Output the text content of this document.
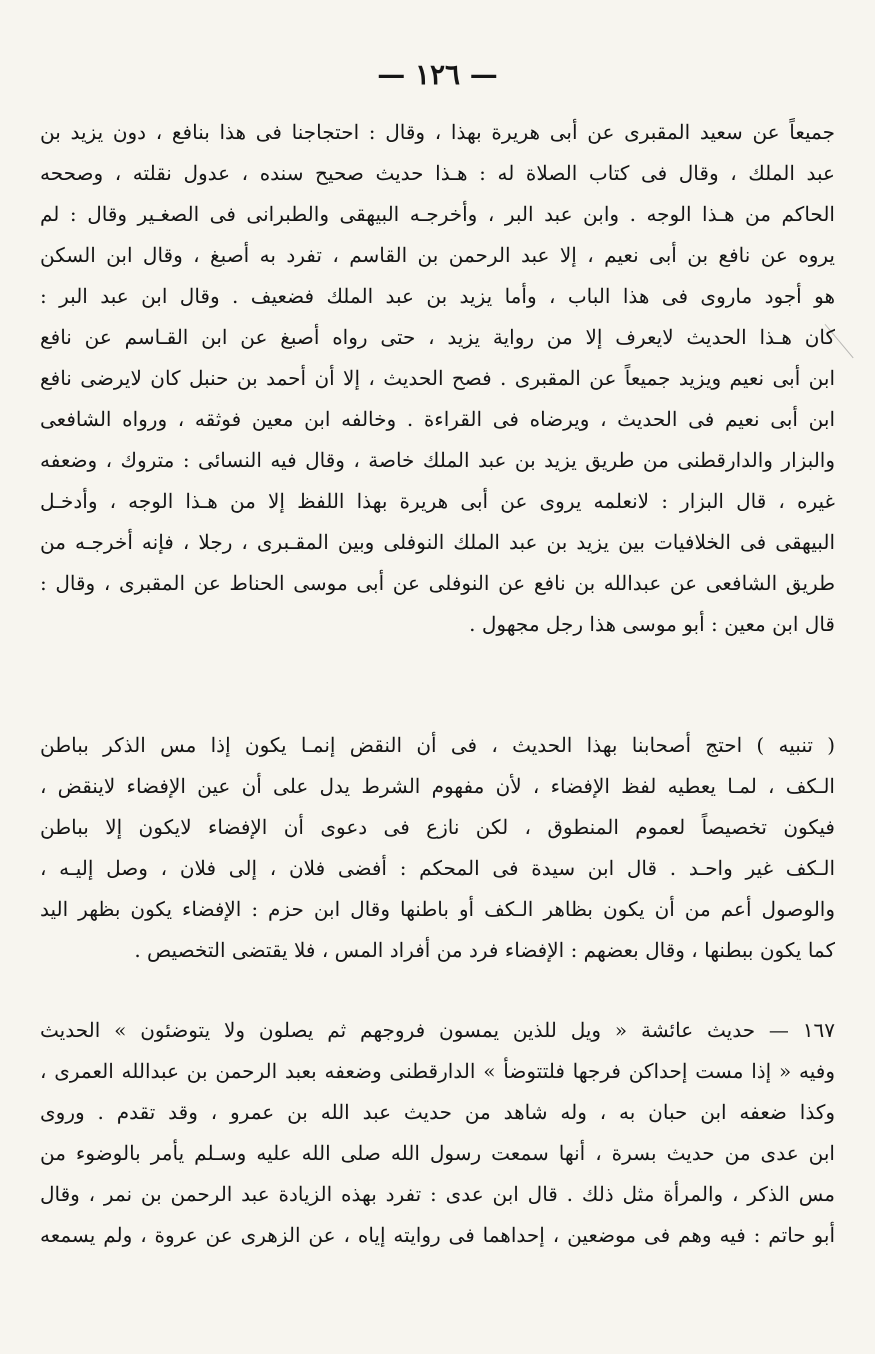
— ١٢٦ —
جميعاً عن سعيد المقبرى عن أبى هريرة بهذا ، وقال : احتجاجنا فى هذا بنافع ، دون يزيد بن
عبد الملك ، وقال فى كتاب الصلاة له : هـذا حديث صحيح سنده ، عدول نقلته ، وصححه
الحاكم من هـذا الوجه . وابن عبد البر ، وأخرجـه البيهقى والطبرانى فى الصغـير وقال : لم
يروه عن نافع بن أبى نعيم ، إلا عبد الرحمن بن القاسم ، تفرد به أصبغ ، وقال ابن السكن
هو أجود ماروى فى هذا الباب ، وأما يزيد بن عبد الملك فضعيف . وقال ابن عبد البر :
كان هـذا الحديث لايعرف إلا من رواية يزيد ، حتى رواه أصبغ عن ابن القـاسم عن نافع
ابن أبى نعيم ويزيد جميعاً عن المقبرى . فصح الحديث ، إلا أن أحمد بن حنبل كان لايرضى نافع
ابن أبى نعيم فى الحديث ، ويرضاه فى القراءة . وخالفه ابن معين فوثقه ، ورواه الشافعى
والبزار والدارقطنى من طريق يزيد بن عبد الملك خاصة ، وقال فيه النسائى : متروك ، وضعفه
غيره ، قال البزار : لانعلمه يروى عن أبى هريرة بهذا اللفظ إلا من هـذا الوجه ، وأدخـل
البيهقى فى الخلافيات بين يزيد بن عبد الملك النوفلى وبين المقـبرى ، رجلا ، فإنه أخرجـه من
طريق الشافعى عن عبدالله بن نافع عن النوفلى عن أبى موسى الحناط عن المقبرى ، وقال :
قال ابن معين : أبو موسى هذا رجل مجهول .
( تنبيه ) احتج أصحابنا بهذا الحديث ، فى أن النقض إنمـا يكون إذا مس الذكر بباطن
الـكف ، لمـا يعطيه لفظ الإفضاء ، لأن مفهوم الشرط يدل على أن عين الإفضاء لاينقض ،
فيكون تخصيصاً لعموم المنطوق ، لكن نازع فى دعوى أن الإفضاء لايكون إلا بباطن
الـكف غير واحـد . قال ابن سيدة فى المحكم : أفضى فلان ، إلى فلان ، وصل إليـه ،
والوصول أعم من أن يكون بظاهر الـكف أو باطنها وقال ابن حزم : الإفضاء يكون بظهر اليد
كما يكون ببطنها ، وقال بعضهم : الإفضاء فرد من أفراد المس ، فلا يقتضى التخصيص .
١٦٧ — حديث عائشة « ويل للذين يمسون فروجهم ثم يصلون ولا يتوضئون » الحديث
وفيه « إذا مست إحداكن فرجها فلتتوضأ » الدارقطنى وضعفه بعبد الرحمن بن عبدالله العمرى ،
وكذا ضعفه ابن حبان به ، وله شاهد من حديث عبد الله بن عمرو ، وقد تقدم . وروى
ابن عدى من حديث بسرة ، أنها سمعت رسول الله صلى الله عليه وسـلم يأمر بالوضوء من
مس الذكر ، والمرأة مثل ذلك . قال ابن عدى : تفرد بهذه الزيادة عبد الرحمن بن نمر ، وقال
أبو حاتم : فيه وهم فى موضعين ، إحداهما فى روايته إياه ، عن الزهرى عن عروة ، ولم يسمعه
